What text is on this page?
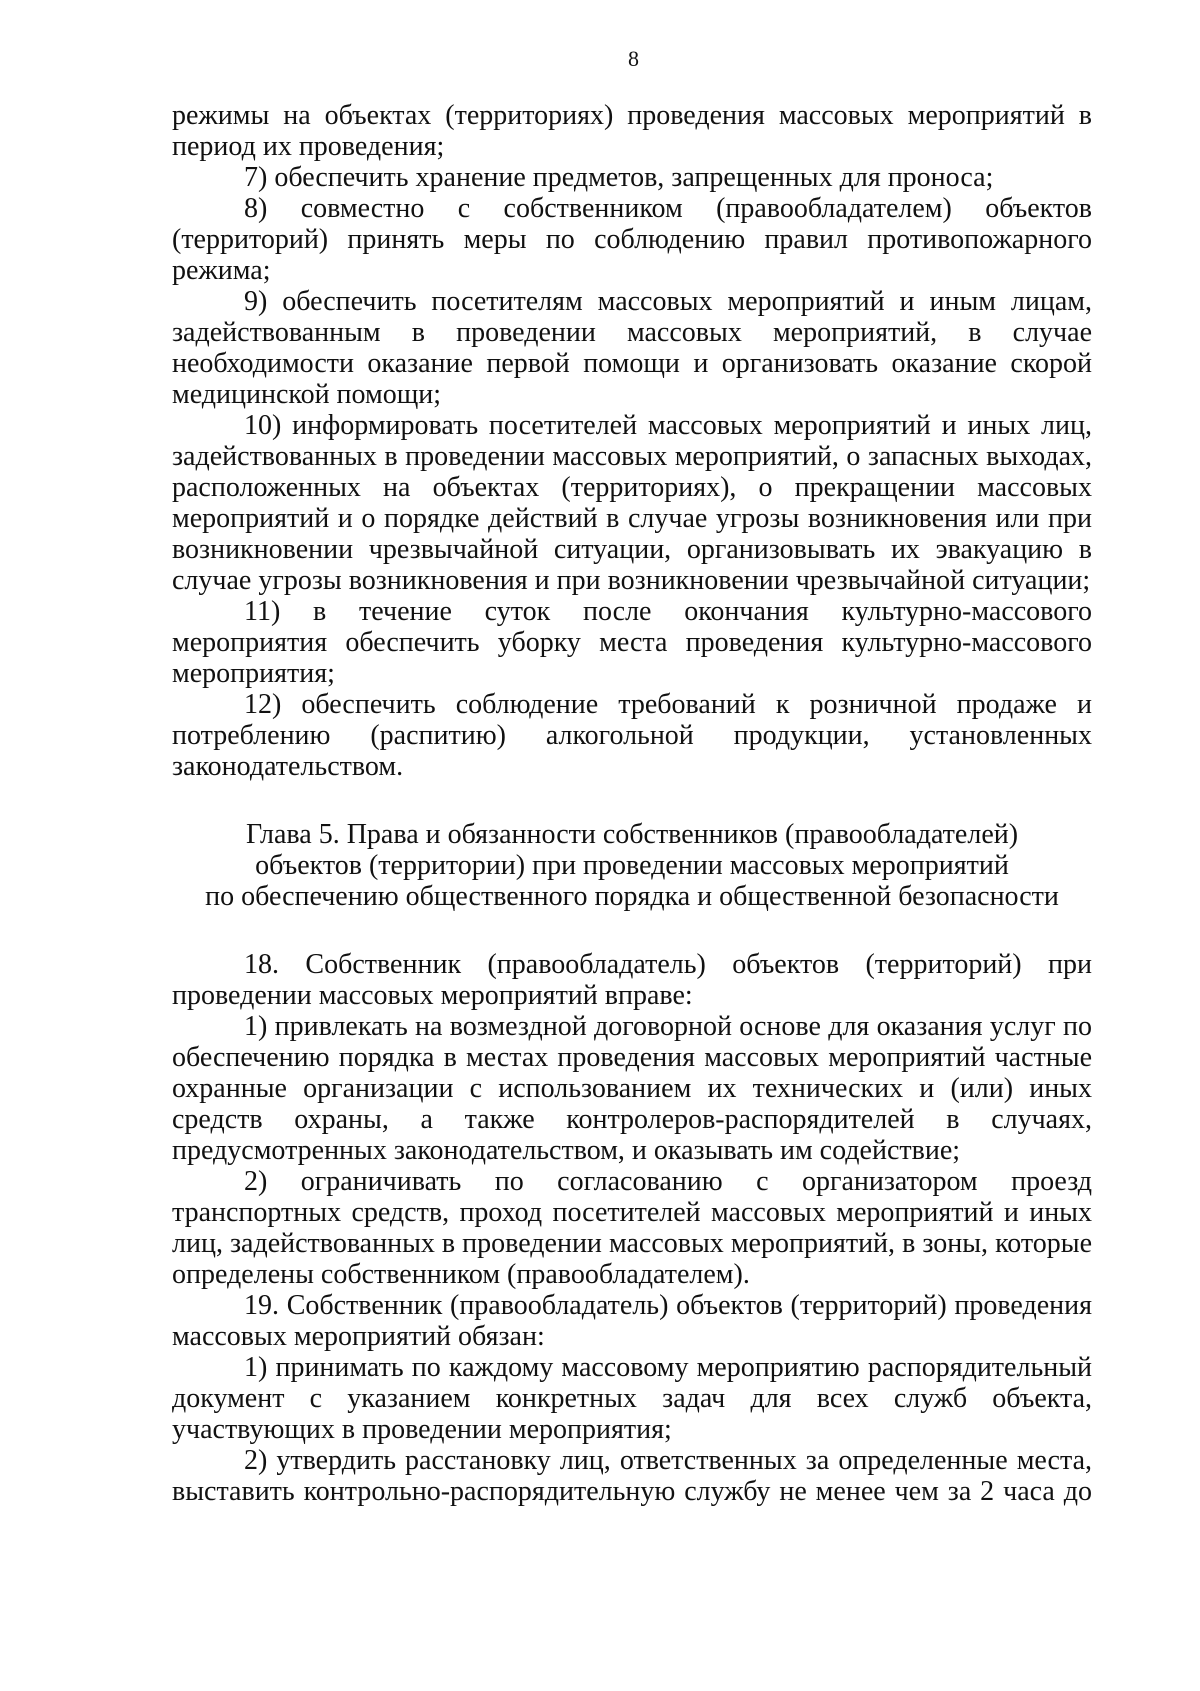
8

режимы на объектах (территориях) проведения массовых мероприятий в период их проведения;

7) обеспечить хранение предметов, запрещенных для проноса;

8) совместно с собственником (правообладателем) объектов (территорий) принять меры по соблюдению правил противопожарного режима;

9) обеспечить посетителям массовых мероприятий и иным лицам, задействованным в проведении массовых мероприятий, в случае необходимости оказание первой помощи и организовать оказание скорой медицинской помощи;

10) информировать посетителей массовых мероприятий и иных лиц, задействованных в проведении массовых мероприятий, о запасных выходах, расположенных на объектах (территориях), о прекращении массовых мероприятий и о порядке действий в случае угрозы возникновения или при возникновении чрезвычайной ситуации, организовывать их эвакуацию в случае угрозы возникновения и при возникновении чрезвычайной ситуации;

11) в течение суток после окончания культурно-массового мероприятия обеспечить уборку места проведения культурно-массового мероприятия;

12) обеспечить соблюдение требований к розничной продаже и потреблению (распитию) алкогольной продукции, установленных законодательством.

Глава 5. Права и обязанности собственников (правообладателей)
объектов (территории) при проведении массовых мероприятий
по обеспечению общественного порядка и общественной безопасности

18. Собственник (правообладатель) объектов (территорий) при проведении массовых мероприятий вправе:

1) привлекать на возмездной договорной основе для оказания услуг по обеспечению порядка в местах проведения массовых мероприятий частные охранные организации с использованием их технических и (или) иных средств охраны, а также контролеров-распорядителей в случаях, предусмотренных законодательством, и оказывать им содействие;

2) ограничивать по согласованию с организатором проезд транспортных средств, проход посетителей массовых мероприятий и иных лиц, задействованных в проведении массовых мероприятий, в зоны, которые определены собственником (правообладателем).

19. Собственник (правообладатель) объектов (территорий) проведения массовых мероприятий обязан:

1) принимать по каждому массовому мероприятию распорядительный документ с указанием конкретных задач для всех служб объекта, участвующих в проведении мероприятия;

2) утвердить расстановку лиц, ответственных за определенные места, выставить контрольно-распорядительную службу не менее чем за 2 часа до
